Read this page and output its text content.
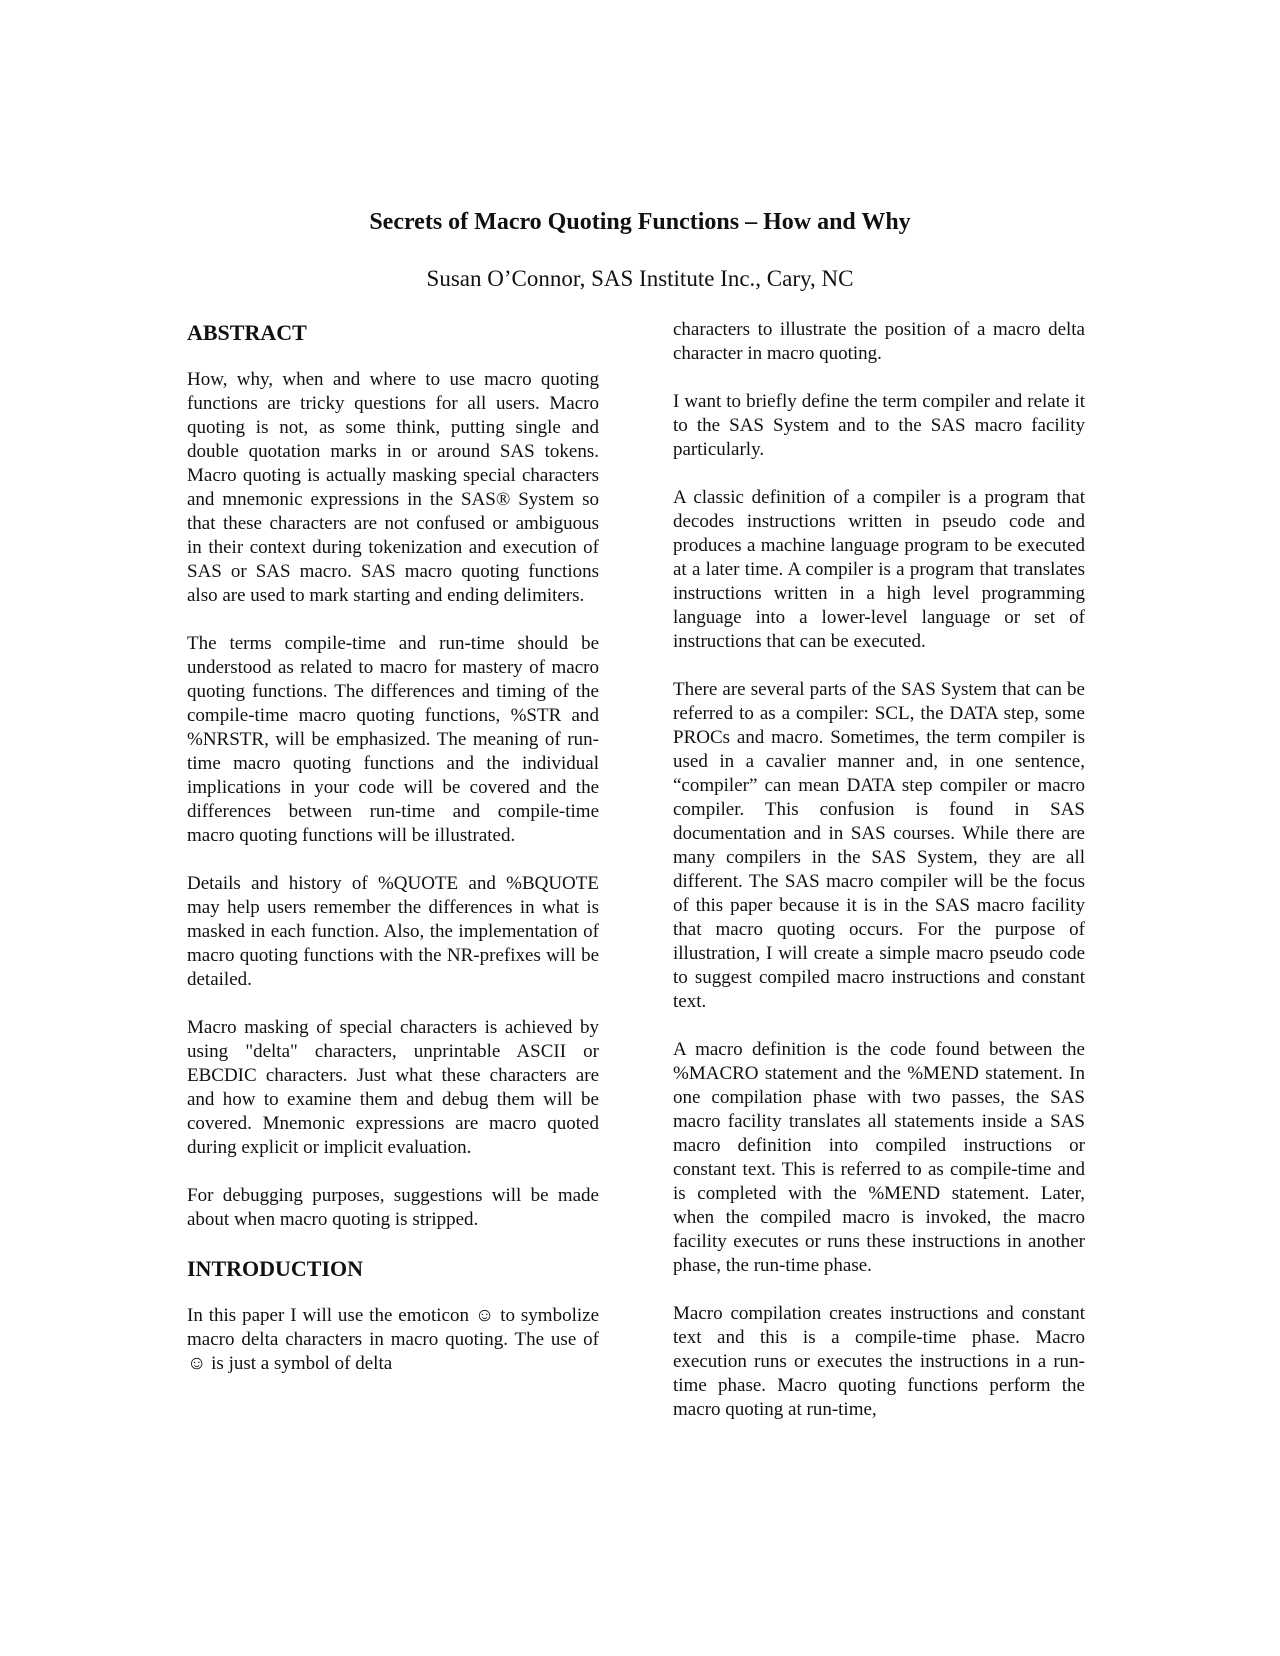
Secrets of Macro Quoting Functions – How and Why
Susan O’Connor, SAS Institute Inc., Cary, NC
ABSTRACT

How, why, when and where to use macro quoting functions are tricky questions for all users. Macro quoting is not, as some think, putting single and double quotation marks in or around SAS tokens. Macro quoting is actually masking special characters and mnemonic expressions in the SAS® System so that these characters are not confused or ambiguous in their context during tokenization and execution of SAS or SAS macro. SAS macro quoting functions also are used to mark starting and ending delimiters.

The terms compile-time and run-time should be understood as related to macro for mastery of macro quoting functions. The differences and timing of the compile-time macro quoting functions, %STR and %NRSTR, will be emphasized. The meaning of run-time macro quoting functions and the individual implications in your code will be covered and the differences between run-time and compile-time macro quoting functions will be illustrated.

Details and history of %QUOTE and %BQUOTE may help users remember the differences in what is masked in each function. Also, the implementation of macro quoting functions with the NR-prefixes will be detailed.

Macro masking of special characters is achieved by using "delta" characters, unprintable ASCII or EBCDIC characters. Just what these characters are and how to examine them and debug them will be covered. Mnemonic expressions are macro quoted during explicit or implicit evaluation.

For debugging purposes, suggestions will be made about when macro quoting is stripped.

INTRODUCTION

In this paper I will use the emoticon ☺ to symbolize macro delta characters in macro quoting. The use of ☺ is just a symbol of delta

characters to illustrate the position of a macro delta character in macro quoting.

I want to briefly define the term compiler and relate it to the SAS System and to the SAS macro facility particularly.

A classic definition of a compiler is a program that decodes instructions written in pseudo code and produces a machine language program to be executed at a later time. A compiler is a program that translates instructions written in a high level programming language into a lower-level language or set of instructions that can be executed.

There are several parts of the SAS System that can be referred to as a compiler: SCL, the DATA step, some PROCs and macro. Sometimes, the term compiler is used in a cavalier manner and, in one sentence, “compiler” can mean DATA step compiler or macro compiler. This confusion is found in SAS documentation and in SAS courses. While there are many compilers in the SAS System, they are all different. The SAS macro compiler will be the focus of this paper because it is in the SAS macro facility that macro quoting occurs. For the purpose of illustration, I will create a simple macro pseudo code to suggest compiled macro instructions and constant text.

A macro definition is the code found between the %MACRO statement and the %MEND statement. In one compilation phase with two passes, the SAS macro facility translates all statements inside a SAS macro definition into compiled instructions or constant text. This is referred to as compile-time and is completed with the %MEND statement. Later, when the compiled macro is invoked, the macro facility executes or runs these instructions in another phase, the run-time phase.

Macro compilation creates instructions and constant text and this is a compile-time phase. Macro execution runs or executes the instructions in a run-time phase. Macro quoting functions perform the macro quoting at run-time,
